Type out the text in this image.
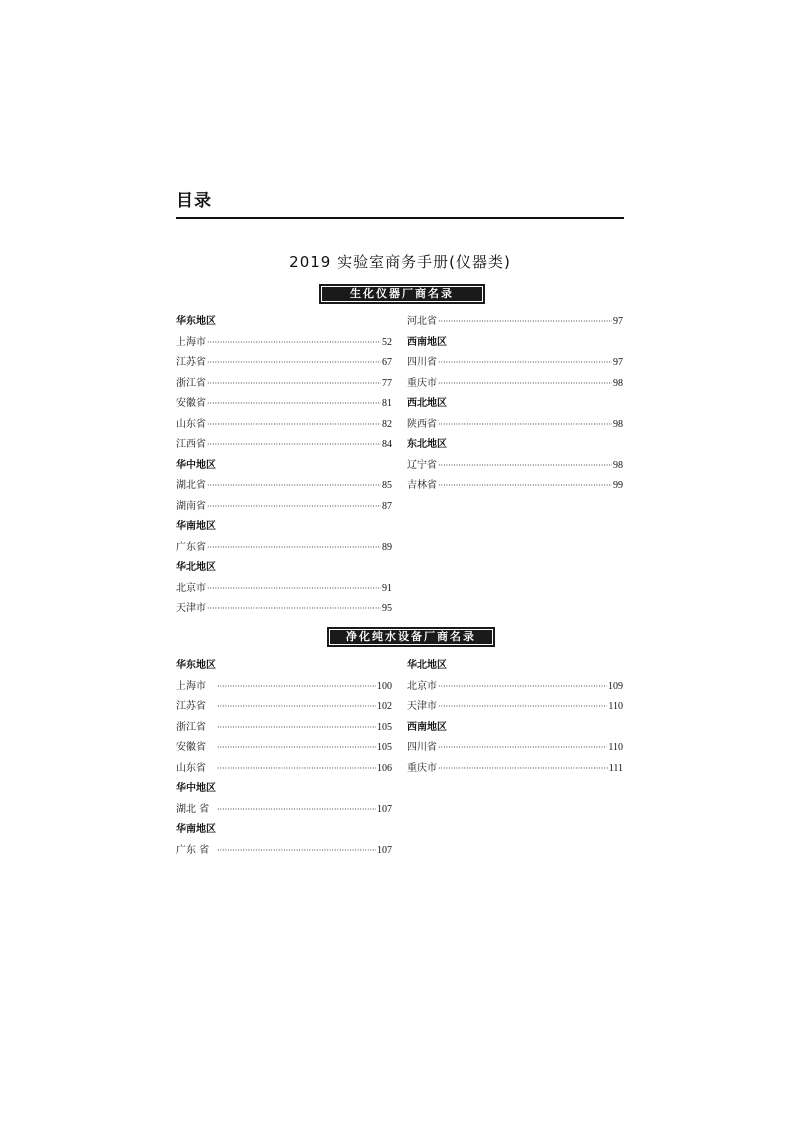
目录
2019 实验室商务手册(仪器类)
生化仪器厂商名录
华东地区
上海市 ·····	52
江苏省 ·····	67
浙江省 ·····	77
安徽省 ·····	81
山东省 ·····	82
江西省 ·····	84
华中地区
湖北省 ·····	85
湖南省 ·····	87
华南地区
广东省 ·····	89
华北地区
北京市 ·····	91
天津市 ·····	95
河北省 ·····	97
西南地区
四川省 ·····	97
重庆市 ·····	98
西北地区
陕西省 ·····	98
东北地区
辽宁省 ·····	98
吉林省 ·····	99
净化纯水设备厂商名录
华东地区
上海市 ·····	100
江苏省 ·····	102
浙江省 ·····	105
安徽省 ·····	105
山东省 ·····	106
华中地区
湖北 省 ·····	107
华南地区
广东 省 ·····	107
华北地区
北京市 ·····	109
天津市 ·····	110
西南地区
四川省 ·····	110
重庆市 ·····	111
